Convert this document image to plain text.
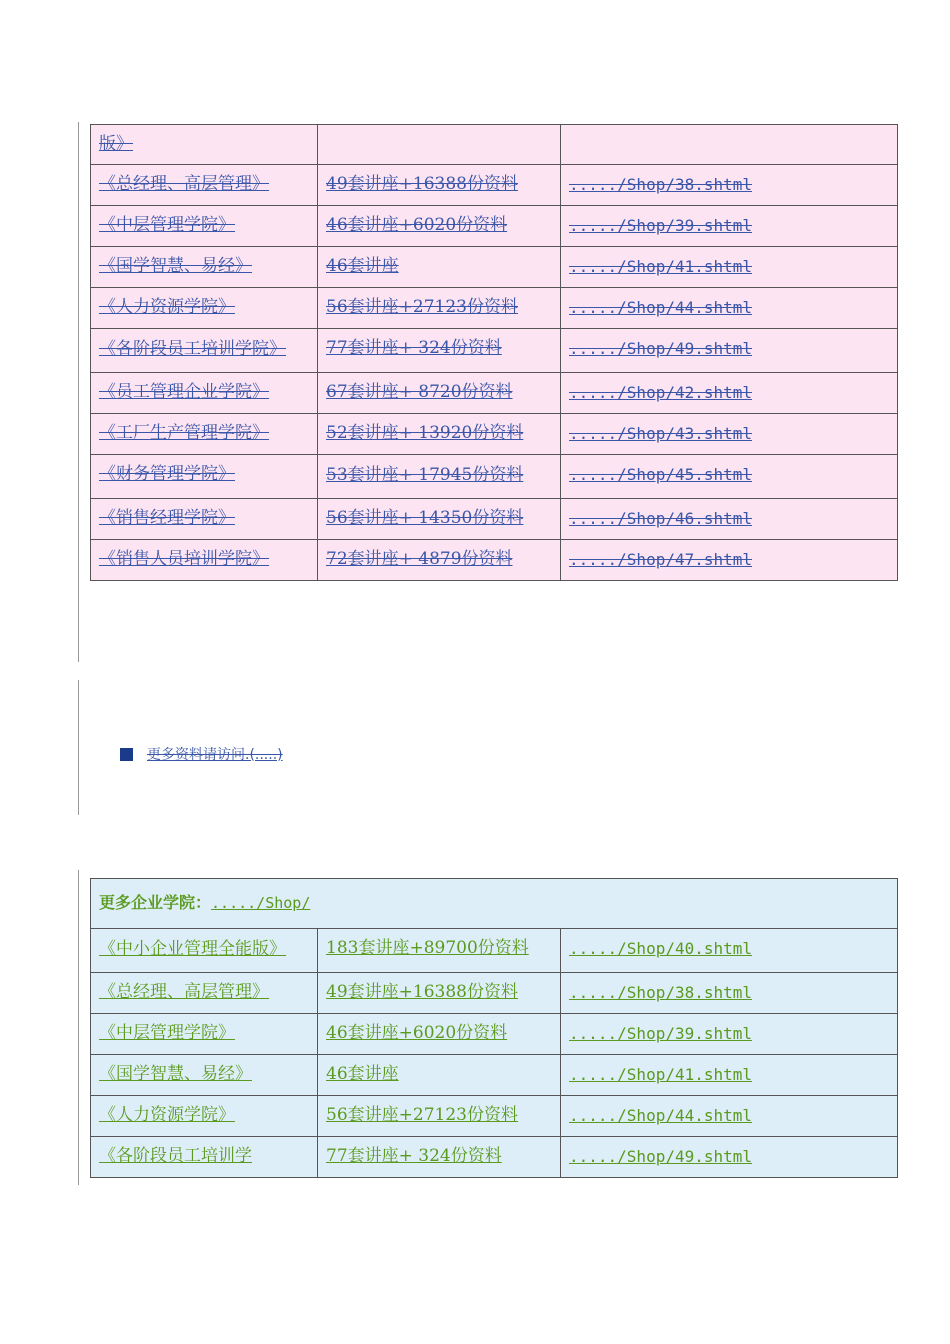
版》		
《总经理、高层管理》	49套讲座+16388份资料	.....∕Shop/38.shtml
《中层管理学院》	46套讲座+6020份资料	.....∕Shop/39.shtml
《国学智慧、易经》	46套讲座	.....∕Shop/41.shtml
《人力资源学院》	56套讲座+27123份资料	.....∕Shop/44.shtml
《各阶段员工培训学院》	77套讲座+ 324份资料	.....∕Shop/49.shtml
《员工管理企业学院》	67套讲座+ 8720份资料	.....∕Shop/42.shtml
《工厂生产管理学院》	52套讲座+ 13920份资料	.....∕Shop/43.shtml
《财务管理学院》	53套讲座+ 17945份资料	.....∕Shop/45.shtml
《销售经理学院》	56套讲座+ 14350份资料	.....∕Shop/46.shtml
《销售人员培训学院》	72套讲座+ 4879份资料	.....∕Shop/47.shtml
更多资料请访问.(.....)
更多企业学院：.....∕Shop/		
《中小企业管理全能版》	183套讲座+89700份资料	.....∕Shop/40.shtml
《总经理、高层管理》	49套讲座+16388份资料	.....∕Shop/38.shtml
《中层管理学院》	46套讲座+6020份资料	.....∕Shop/39.shtml
《国学智慧、易经》	46套讲座	.....∕Shop/41.shtml
《人力资源学院》	56套讲座+27123份资料	.....∕Shop/44.shtml
《各阶段员工培训学	77套讲座+ 324份资料	.....∕Shop/49.shtml
